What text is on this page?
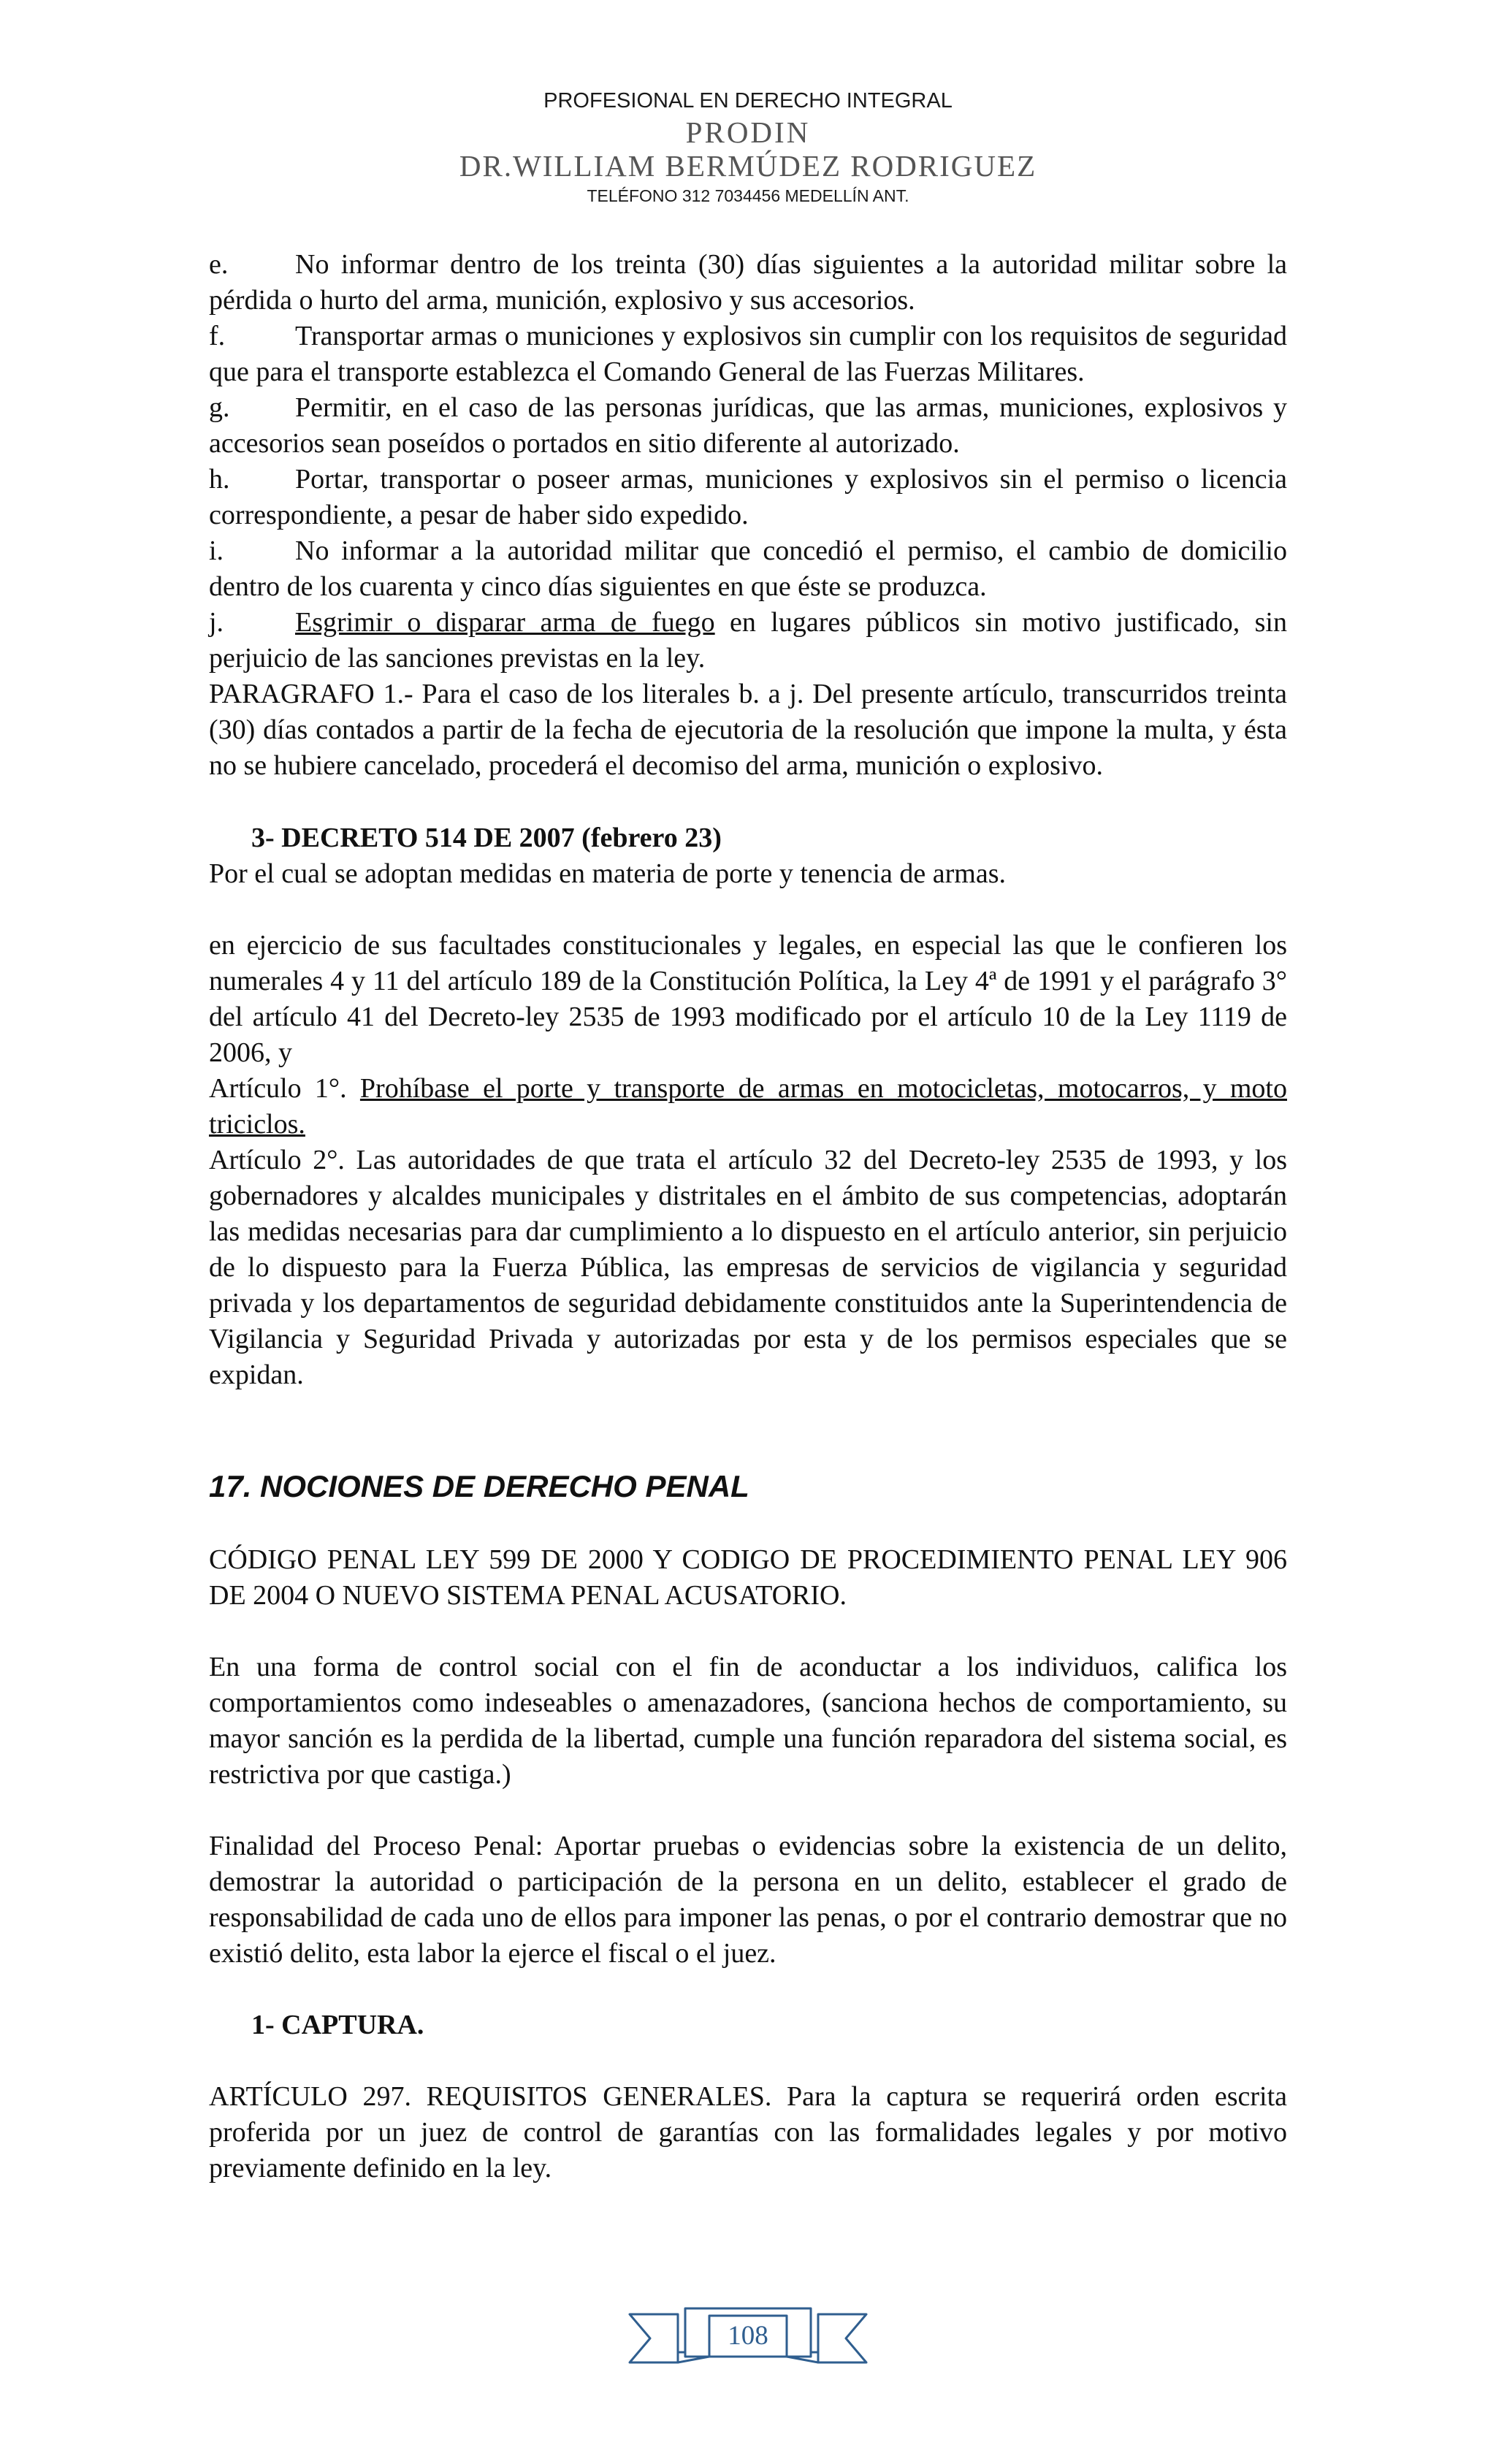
PROFESIONAL EN DERECHO INTEGRAL
PRODIN
DR.WILLIAM BERMÚDEZ RODRIGUEZ
TELÉFONO 312 7034456 MEDELLÍN ANT.
e.	No informar dentro de los treinta (30) días siguientes a la autoridad militar sobre la pérdida o hurto del arma, munición, explosivo y sus accesorios.
f.	Transportar armas o municiones y explosivos sin cumplir con los requisitos de seguridad que para el transporte establezca el Comando General de las Fuerzas Militares.
g.	Permitir, en el caso de las personas jurídicas, que las armas, municiones, explosivos y accesorios sean poseídos o portados en sitio diferente al autorizado.
h.	Portar, transportar o poseer armas, municiones y explosivos sin el permiso o licencia correspondiente, a pesar de haber sido expedido.
i.	No informar a la autoridad militar que concedió el permiso, el cambio de domicilio dentro de los cuarenta y cinco días siguientes en que éste se produzca.
j.	Esgrimir o disparar arma de fuego en lugares públicos sin motivo justificado, sin perjuicio de las sanciones previstas en la ley.

PARAGRAFO 1.- Para el caso de los literales b. a j. Del presente artículo, transcurridos treinta (30) días contados a partir de la fecha de ejecutoria de la resolución que impone la multa, y ésta no se hubiere cancelado, procederá el decomiso del arma, munición o explosivo.

3- DECRETO 514 DE 2007 (febrero 23)

Por el cual se adoptan medidas en materia de porte y tenencia de armas.

en ejercicio de sus facultades constitucionales y legales, en especial las que le confieren los numerales 4 y 11 del artículo 189 de la Constitución Política, la Ley 4ª de 1991 y el parágrafo 3° del artículo 41 del Decreto-ley 2535 de 1993 modificado por el artículo 10 de la Ley 1119 de 2006, y

Artículo 1°. Prohíbase el porte y transporte de armas en motocicletas, motocarros, y moto triciclos.

Artículo 2°. Las autoridades de que trata el artículo 32 del Decreto-ley 2535 de 1993, y los gobernadores y alcaldes municipales y distritales en el ámbito de sus competencias, adoptarán las medidas necesarias para dar cumplimiento a lo dispuesto en el artículo anterior, sin perjuicio de lo dispuesto para la Fuerza Pública, las empresas de servicios de vigilancia y seguridad privada y los departamentos de seguridad debidamente constituidos ante la Superintendencia de Vigilancia y Seguridad Privada y autorizadas por esta y de los permisos especiales que se expidan.

17. NOCIONES DE DERECHO PENAL

CÓDIGO PENAL LEY 599 DE 2000 Y CODIGO DE PROCEDIMIENTO PENAL LEY 906 DE 2004 O NUEVO SISTEMA PENAL ACUSATORIO.

En una forma de control social con el fin de aconductar a los individuos, califica los comportamientos como indeseables o amenazadores, (sanciona hechos de comportamiento, su mayor sanción es la perdida de la libertad, cumple una función reparadora del sistema social, es restrictiva por que castiga.)

Finalidad del Proceso Penal: Aportar pruebas o evidencias sobre la existencia de un delito, demostrar la autoridad o participación de la persona en un delito, establecer el grado de responsabilidad de cada uno de ellos para imponer las penas, o por el contrario demostrar que no existió delito, esta labor la ejerce el fiscal o el juez.

1- CAPTURA.

ARTÍCULO 297. REQUISITOS GENERALES. Para la captura se requerirá orden escrita proferida por un juez de control de garantías con las formalidades legales y por motivo previamente definido en la ley.

108
